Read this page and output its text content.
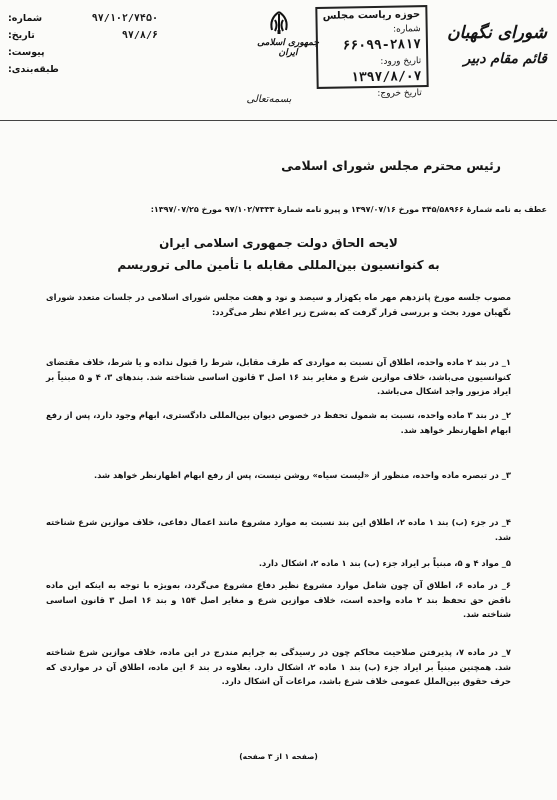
۹۷/۱۰۲/۷۴۵۰
شماره:
۹۷/۸/۶
تاریخ:
پیوست:
طبقه‌بندی:
جمهوری اسلامی ایران
بسمه‌تعالی
حوزه ریاست مجلس
شماره: ۲۸۱۷-۶۶۰۹۹
تاریخ ورود: ۱۳۹۷/۸/۰۷
تاریخ خروج:
شورای نگهبان
قائم مقام دبیر
رئیس محترم مجلس شورای اسلامی
عطف به نامه شمارهٔ ۳۴۵/۵۸۹۶۶ مورخ ۱۳۹۷/۰۷/۱۶ و پیرو نامه شمارهٔ ۹۷/۱۰۲/۷۳۳۳ مورخ ۱۳۹۷/۰۷/۲۵:
لایحه الحاق دولت جمهوری اسلامی ایران
به کنوانسیون بین‌المللی مقابله با تأمین مالی تروریسم
مصوب جلسه مورخ پانزدهم مهر ماه یکهزار و سیصد و نود و هفت مجلس شورای اسلامی در جلسات متعدد شورای نگهبان مورد بحث و بررسی قرار گرفت که به‌شرح زیر اعلام نظر می‌گردد:
۱_ در بند ۲ ماده واحده، اطلاق آن نسبت به مواردی که طرف مقابل، شرط را قبول نداده و یا شرط، خلاف مقتضای کنوانسیون می‌باشد، خلاف موازین شرع و مغایر بند ۱۶ اصل ۳ قانون اساسی شناخته شد. بندهای ۳، ۴ و ۵ مبنیاً بر ایراد مزبور واجد اشکال می‌باشد.
۲_ در بند ۳ ماده واحده، نسبت به شمول تحفظ در خصوص دیوان بین‌المللی دادگستری، ابهام وجود دارد، پس از رفع ابهام اظهارنظر خواهد شد.
۳_ در تبصره ماده واحده، منظور از «لیست سیاه» روشن نیست، پس از رفع ابهام اظهارنظر خواهد شد.
۴_ در جزء (ب) بند ۱ ماده ۲، اطلاق این بند نسبت به موارد مشروع مانند اعمال دفاعی، خلاف موازین شرع شناخته شد.
۵_ مواد ۴ و ۵، مبنیاً بر ایراد جزء (ب) بند ۱ ماده ۲، اشکال دارد.
۶_ در ماده ۶، اطلاق آن چون شامل موارد مشروع نظیر دفاع مشروع می‌گردد، به‌ویژه با توجه به اینکه این ماده ناقض حق تحفظ بند ۲ ماده واحده است، خلاف موازین شرع و مغایر اصل ۱۵۴ و بند ۱۶ اصل ۳ قانون اساسی شناخته شد.
۷_ در ماده ۷، پذیرفتن صلاحیت محاکم چون در رسیدگی به جرایم مندرج در این ماده، خلاف موازین شرع شناخته شد. همچنین مبنیاً بر ایراد جزء (ب) بند ۱ ماده ۲، اشکال دارد. بعلاوه در بند ۶ این ماده، اطلاق آن در مواردی که حرف حقوق بین‌الملل عمومی خلاف شرع باشد، مراعات آن اشکال دارد.
(صفحه ۱ از ۳ صفحه)
